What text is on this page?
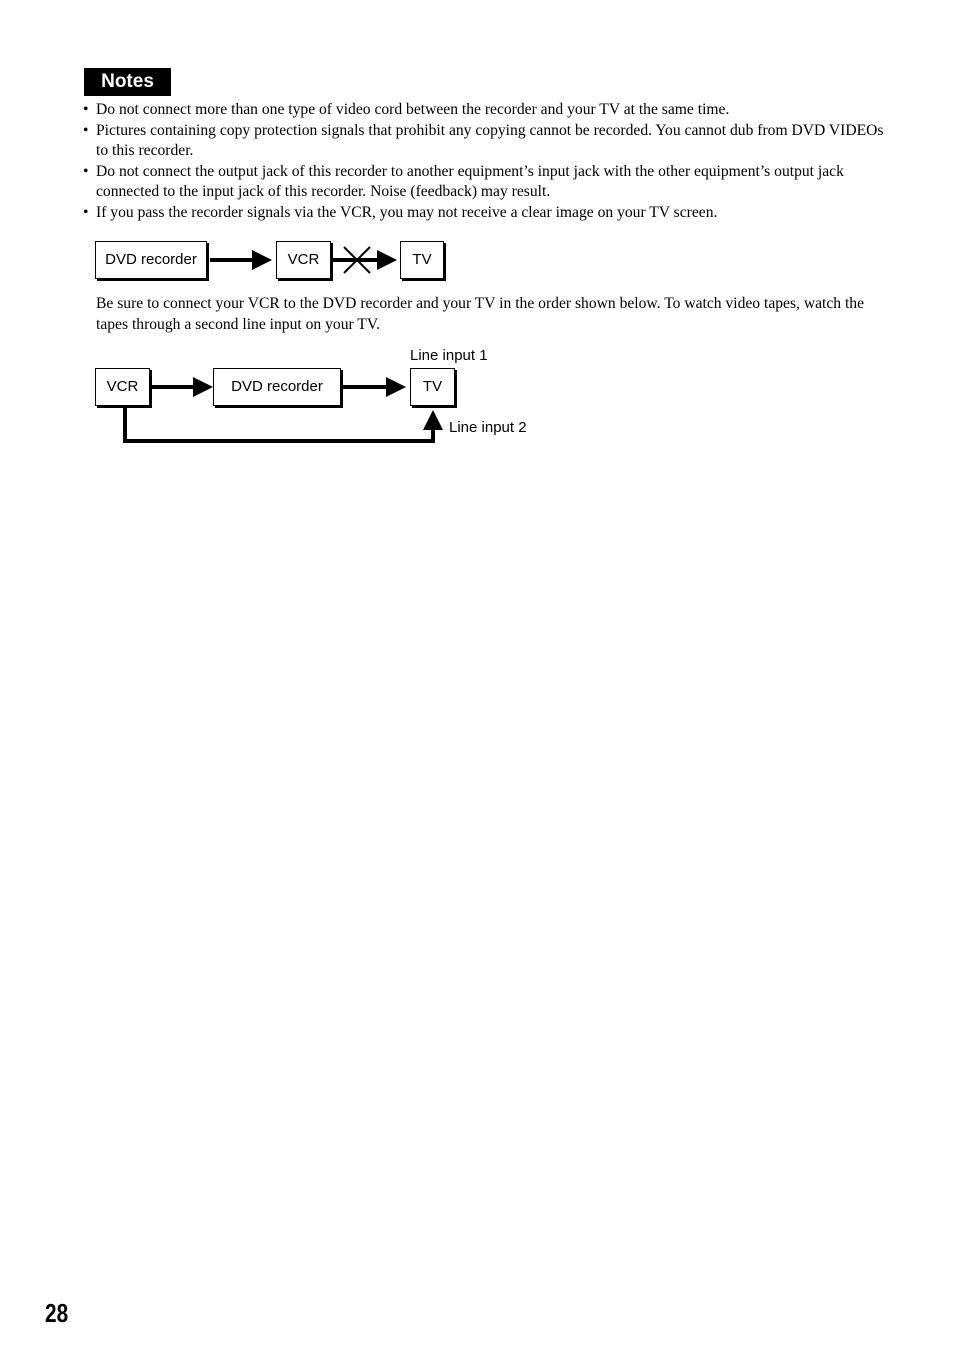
Notes
• Do not connect more than one type of video cord between the recorder and your TV at the same time.
• Pictures containing copy protection signals that prohibit any copying cannot be recorded. You cannot dub from DVD VIDEOs to this recorder.
• Do not connect the output jack of this recorder to another equipment’s input jack with the other equipment’s output jack connected to the input jack of this recorder. Noise (feedback) may result.
• If you pass the recorder signals via the VCR, you may not receive a clear image on your TV screen.
DVD recorder	VCR	TV

Be sure to connect your VCR to the DVD recorder and your TV in the order shown below. To watch video tapes, watch the tapes through a second line input on your TV.

VCR	DVD recorder	TV
Line input 1
Line input 2
28
